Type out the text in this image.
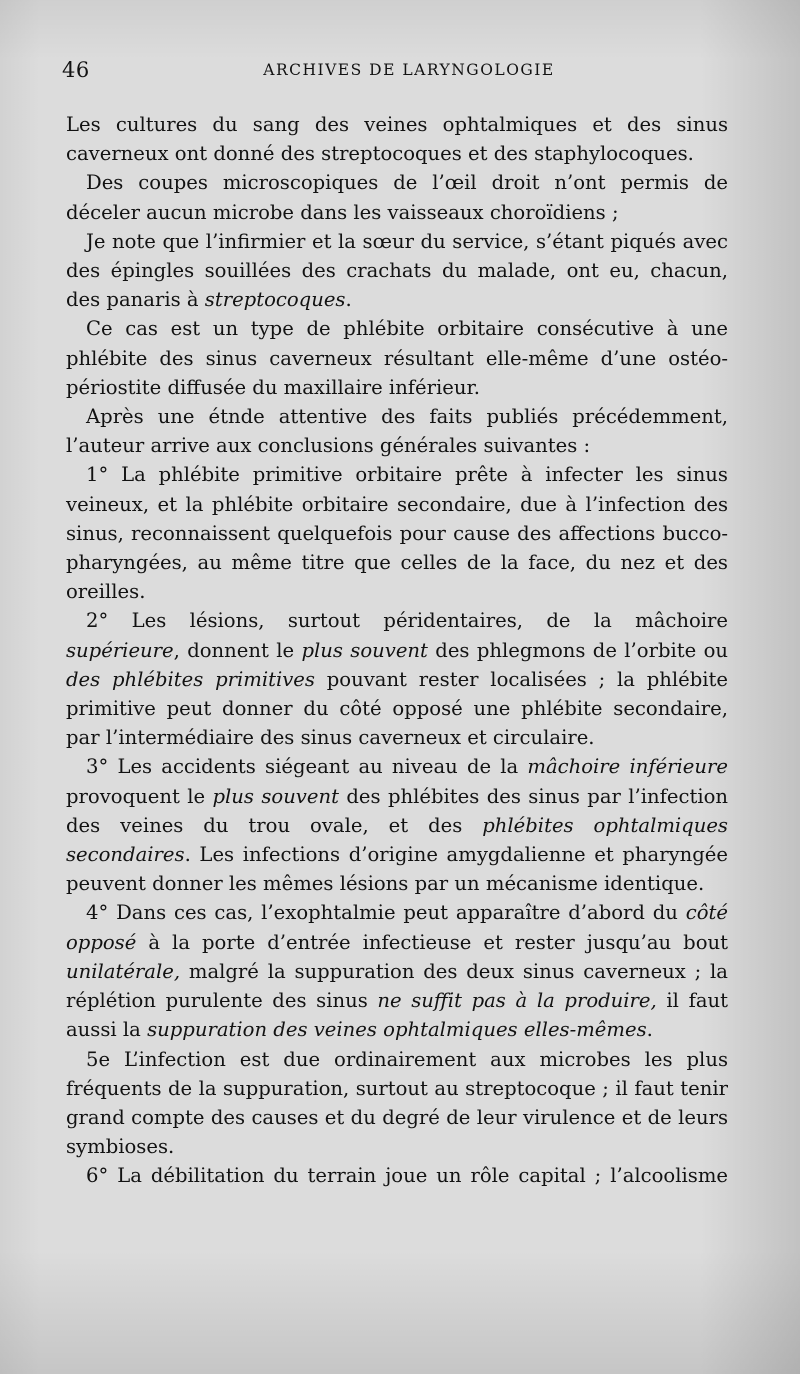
46	ARCHIVES DE LARYNGOLOGIE

Les cultures du sang des veines ophtalmiques et des sinus caverneux ont donné des streptocoques et des staphylocoques.

Des coupes microscopiques de l’œil droit n’ont permis de déceler aucun microbe dans les vaisseaux choroïdiens ;

Je note que l’infirmier et la sœur du service, s’étant piqués avec des épingles souillées des crachats du malade, ont eu, chacun, des panaris à streptocoques.

Ce cas est un type de phlébite orbitaire consécutive à une phlébite des sinus caverneux résultant elle-même d’une ostéo-périostite diffusée du maxillaire inférieur.

Après une étnde attentive des faits publiés précédemment, l’auteur arrive aux conclusions générales suivantes :

1° La phlébite primitive orbitaire prête à infecter les sinus veineux, et la phlébite orbitaire secondaire, due à l’infection des sinus, reconnaissent quelquefois pour cause des affections bucco-pharyngées, au même titre que celles de la face, du nez et des oreilles.

2° Les lésions, surtout péridentaires, de la mâchoire supérieure, donnent le plus souvent des phlegmons de l’orbite ou des phlébites primitives pouvant rester localisées ; la phlébite primitive peut donner du côté opposé une phlébite secondaire, par l’intermédiaire des sinus caverneux et circulaire.

3° Les accidents siégeant au niveau de la mâchoire inférieure provoquent le plus souvent des phlébites des sinus par l’infection des veines du trou ovale, et des phlébites ophtalmiques secondaires. Les infections d’origine amygdalienne et pharyngée peuvent donner les mêmes lésions par un mécanisme identique.

4° Dans ces cas, l’exophtalmie peut apparaître d’abord du côté opposé à la porte d’entrée infectieuse et rester jusqu’au bout unilatérale, malgré la suppuration des deux sinus caverneux ; la réplétion purulente des sinus ne suffit pas à la produire, il faut aussi la suppuration des veines ophtalmiques elles-mêmes.

5e L’infection est due ordinairement aux microbes les plus fréquents de la suppuration, surtout au streptocoque ; il faut tenir grand compte des causes et du degré de leur virulence et de leurs symbioses.

6° La débilitation du terrain joue un rôle capital ; l’alcoolisme
